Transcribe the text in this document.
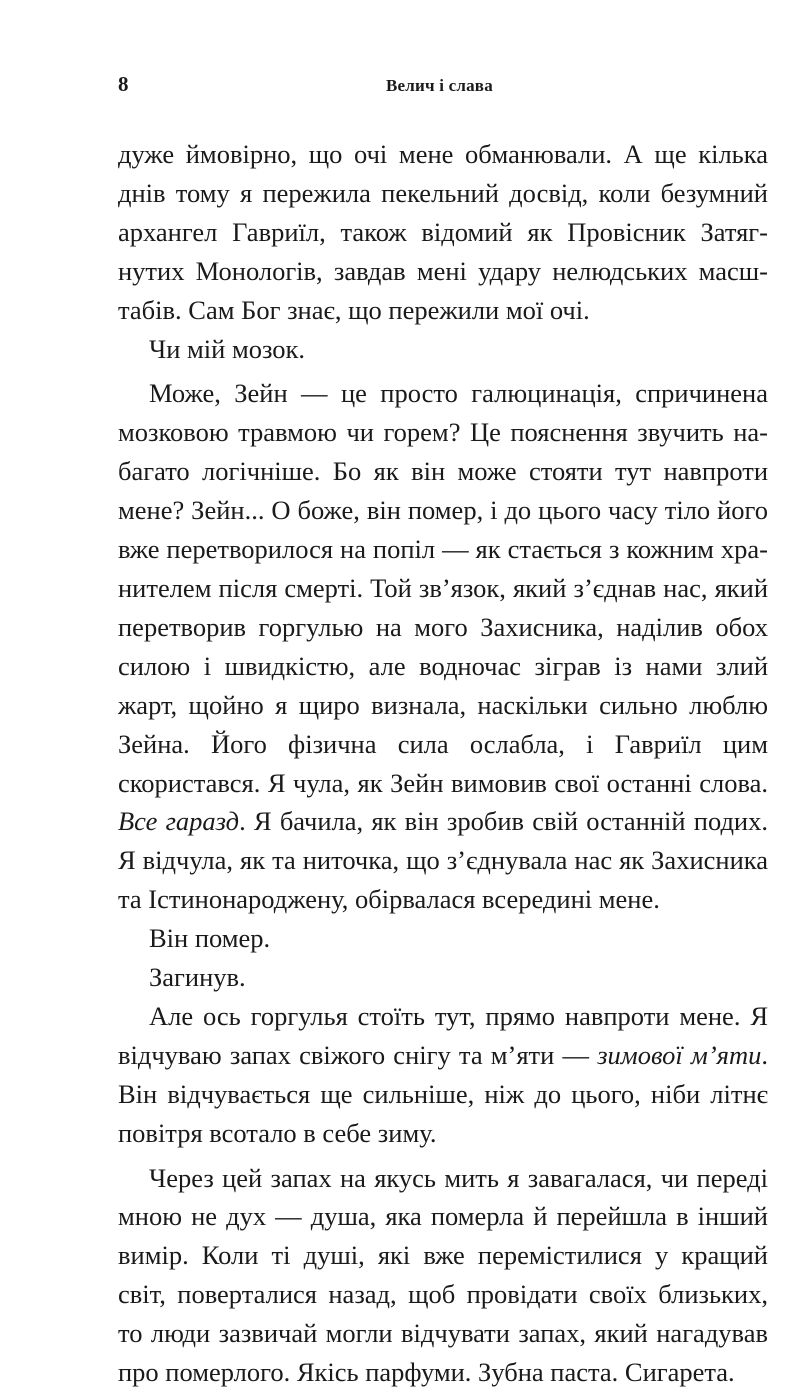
8	Велич і слава

дуже ймовірно, що очі мене обманювали. А ще кілька днів тому я пережила пекельний досвід, коли безумний архангел Гавриїл, також відомий як Провісник Затягнутих Монологів, завдав мені удару нелюдських масштабів. Сам Бог знає, що пережили мої очі.

Чи мій мозок.

Може, Зейн — це просто галюцинація, спричинена мозковою травмою чи горем? Це пояснення звучить набагато логічніше. Бо як він може стояти тут навпроти мене? Зейн... О боже, він помер, і до цього часу тіло його вже перетворилося на попіл — як стається з кожним хранителем після смерті. Той зв’язок, який з’єднав нас, який перетворив горгулью на мого Захисника, наділив обох силою і швидкістю, але водночас зіграв із нами злий жарт, щойно я щиро визнала, наскільки сильно люблю Зейна. Його фізична сила ослабла, і Гавриїл цим скористався. Я чула, як Зейн вимовив свої останні слова. Все гаразд. Я бачила, як він зробив свій останній подих. Я відчула, як та ниточка, що з’єднувала нас як Захисника та Істинонароджену, обірвалася всередині мене.

Він помер.

Загинув.

Але ось горгулья стоїть тут, прямо навпроти мене. Я відчуваю запах свіжого снігу та м’яти — зимової м’яти. Він відчувається ще сильніше, ніж до цього, ніби літнє повітря всотало в себе зиму.

Через цей запах на якусь мить я завагалася, чи переді мною не дух — душа, яка померла й перейшла в інший вимір. Коли ті душі, які вже перемістилися у кращий світ, поверталися назад, щоб провідати своїх близьких, то люди зазвичай могли відчувати запах, який нагадував про померлого. Якісь парфуми. Зубна паста. Сигарета.
